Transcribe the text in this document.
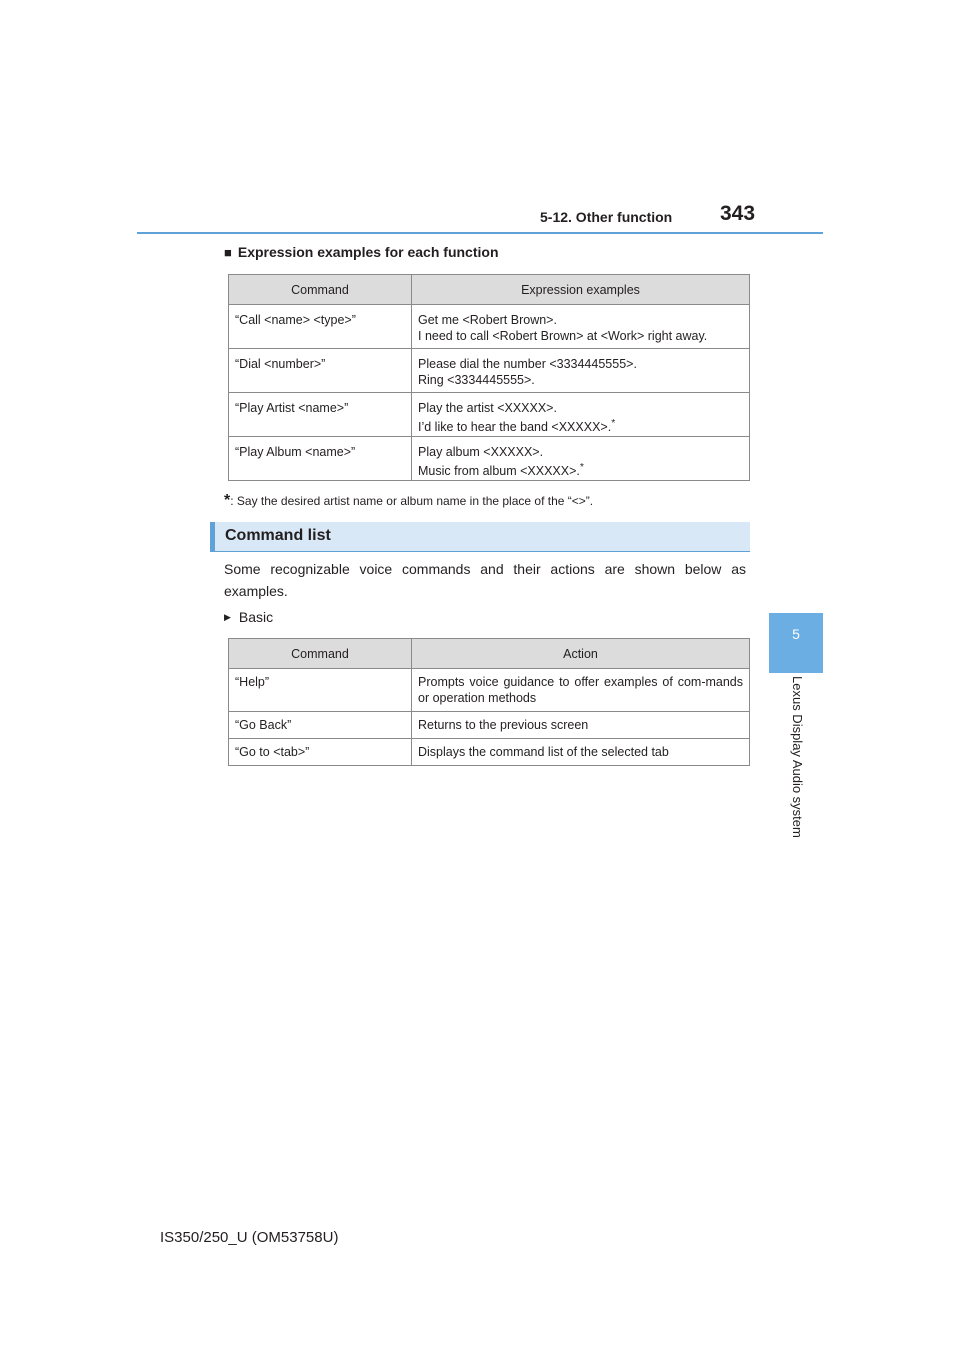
5-12. Other function 343
5
Lexus Display Audio system
■ Expression examples for each function
Command	Expression examples
“Call <name> <type>”	Get me <Robert Brown>.
I need to call <Robert Brown> at <Work> right away.

“Dial <number>”	Please dial the number <3334445555>.
Ring <3334445555>.

“Play Artist <name>”	Play the artist <XXXXX>.
I’d like to hear the band <XXXXX>.*

“Play Album <name>”	Play album <XXXXX>.
Music from album <XXXXX>.*
*: Say the desired artist name or album name in the place of the “<>”.
Command list
Some recognizable voice commands and their actions are shown below as examples.
▶ Basic
Command	Action
“Help”	Prompts voice guidance to offer examples of com-mands or operation methods
“Go Back”	Returns to the previous screen
“Go to <tab>”	Displays the command list of the selected tab
IS350/250_U (OM53758U)
